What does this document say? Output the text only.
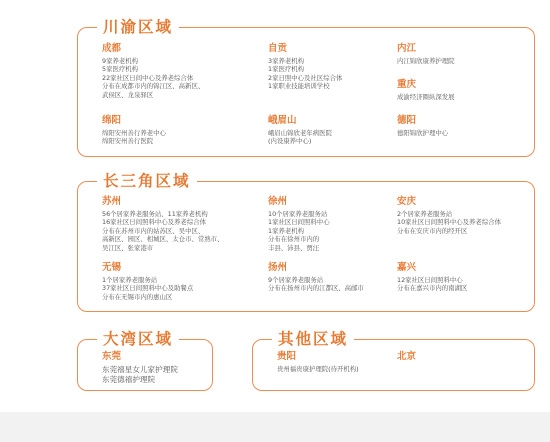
川渝区域
成都
9家养老机构
5家医疗机构
22家社区日间中心及养老综合体
分布在成都市内的锦江区、高新区、
武侯区、龙泉驿区
自贡
3家养老机构
1家医疗机构
2家日照中心及社区综合体
1家职业技能培训学校
内江
内江锦欣康养护理院
重庆
成渝经济圈纵深发展
绵阳
绵阳安州善行养老中心
绵阳安州善行医院
峨眉山
峨眉山锦欣老年病医院
(内设康养中心)
德阳
德阳锦欣护理中心
长三角区域
苏州
56个居家养老服务站、11家养老机构
16家社区日间照料中心及养老综合体
分布在苏州市内的姑苏区、吴中区、
高新区、园区、相城区、太仓市、常熟市、
吴江区、张家港市
徐州
10个居家养老服务站
1家社区日间照料中心
1家养老机构
分布在徐州市内的
丰县、沛县、贾汪
安庆
2个居家养老服务站
10家社区日间照料中心及养老综合体
分布在安庆市内的经开区
无锡
1个居家养老服务站
37家社区日间照料中心及助餐点
分布在无锡市内的惠山区
扬州
9个居家养老服务站
分布在扬州市内的江都区、高邮市
嘉兴
12家社区日间照料中心
分布在嘉兴市内的南湖区
大湾区域
东莞
东莞禧星女儿家护理院
东莞德禧护理院
其他区域
贵阳
贵州福贵康护理院(待开机构)
北京
